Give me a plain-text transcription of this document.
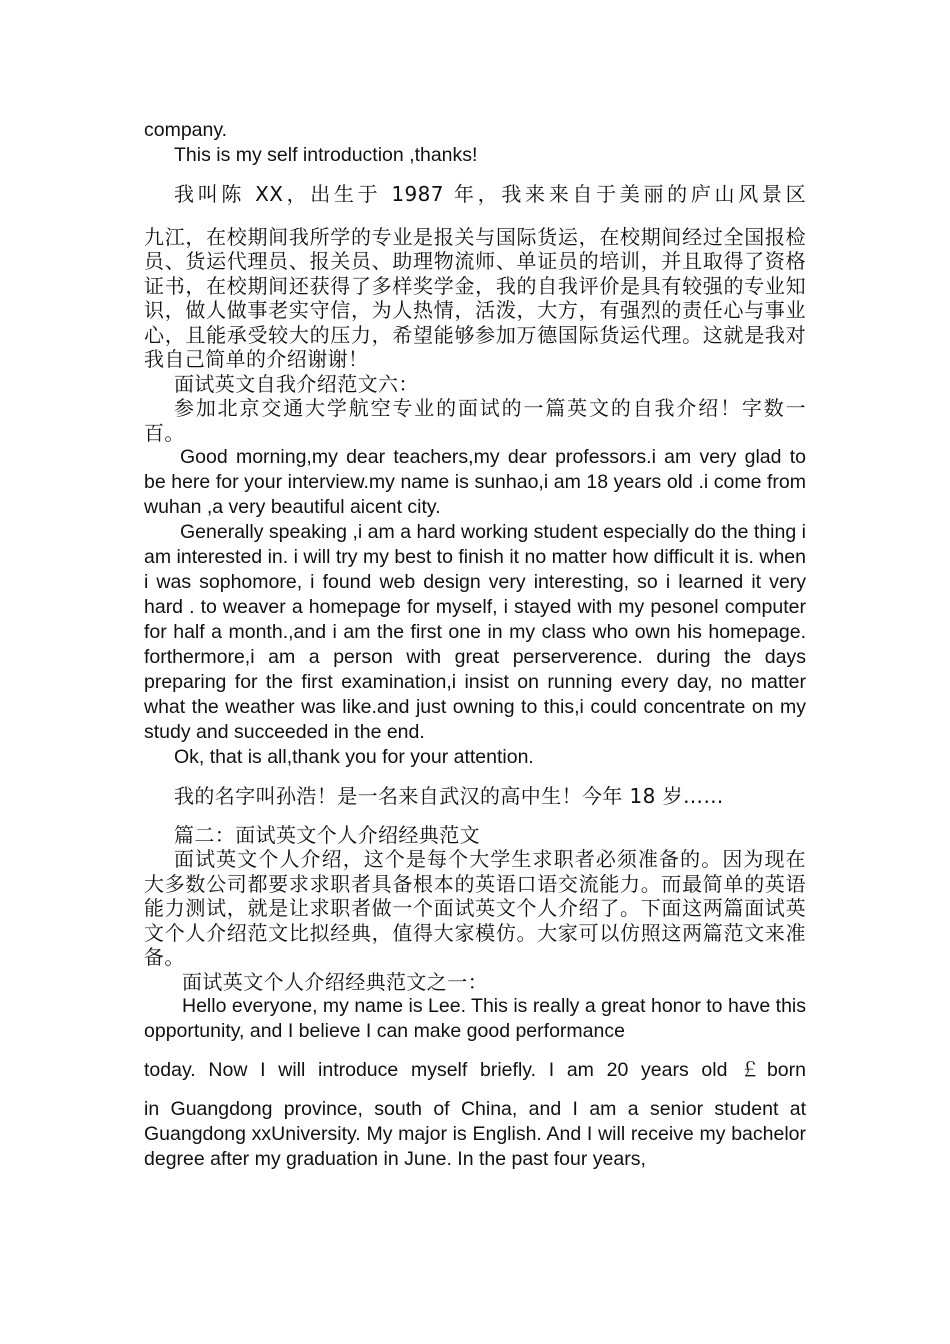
company.

This is my self introduction ,thanks!

我叫陈 XX，出生于 1987 年，我来来自于美丽的庐山风景区

九江，在校期间我所学的专业是报关与国际货运，在校期间经过全国报检员、货运代理员、报关员、助理物流师、单证员的培训，并且取得了资格证书，在校期间还获得了多样奖学金，我的自我评价是具有较强的专业知识，做人做事老实守信，为人热情，活泼，大方，有强烈的责任心与事业心，且能承受较大的压力，希望能够参加万德国际货运代理。这就是我对我自己简单的介绍谢谢！

面试英文自我介绍范文六：

参加北京交通大学航空专业的面试的一篇英文的自我介绍！字数一百。

Good morning,my dear teachers,my dear professors.i am very glad to be here for your interview.my name is sunhao,i am 18 years old .i come from wuhan ,a very beautiful aicent city.

Generally speaking ,i am a hard working student especially do the thing i am interested in. i will try my best to finish it no matter how difficult it is. when i was sophomore, i found web design very interesting, so i learned it very hard . to weaver a homepage for myself, i stayed with my pesonel computer for half a month.,and i am the first one in my class who own his homepage. forthermore,i am a person with great perserverence. during the days preparing for the first examination,i insist on running every day, no matter what the weather was like.and just owning to this,i could concentrate on my study and succeeded in the end.

Ok, that is all,thank you for your attention.

我的名字叫孙浩！是一名来自武汉的高中生！今年 18 岁……

篇二：面试英文个人介绍经典范文

面试英文个人介绍，这个是每个大学生求职者必须准备的。因为现在大多数公司都要求求职者具备根本的英语口语交流能力。而最简单的英语能力测试，就是让求职者做一个面试英文个人介绍了。下面这两篇面试英文个人介绍范文比拟经典，值得大家模仿。大家可以仿照这两篇范文来准备。

面试英文个人介绍经典范文之一：

Hello everyone, my name is Lee. This is really a great honor to have this opportunity, and I believe I can make good performance

today. Now I will introduce myself briefly. I am 20 years old ￡born

in Guangdong province, south of China, and I am a senior student at Guangdong xxUniversity. My major is English. And I will receive my bachelor degree after my graduation in June. In the past four years,
